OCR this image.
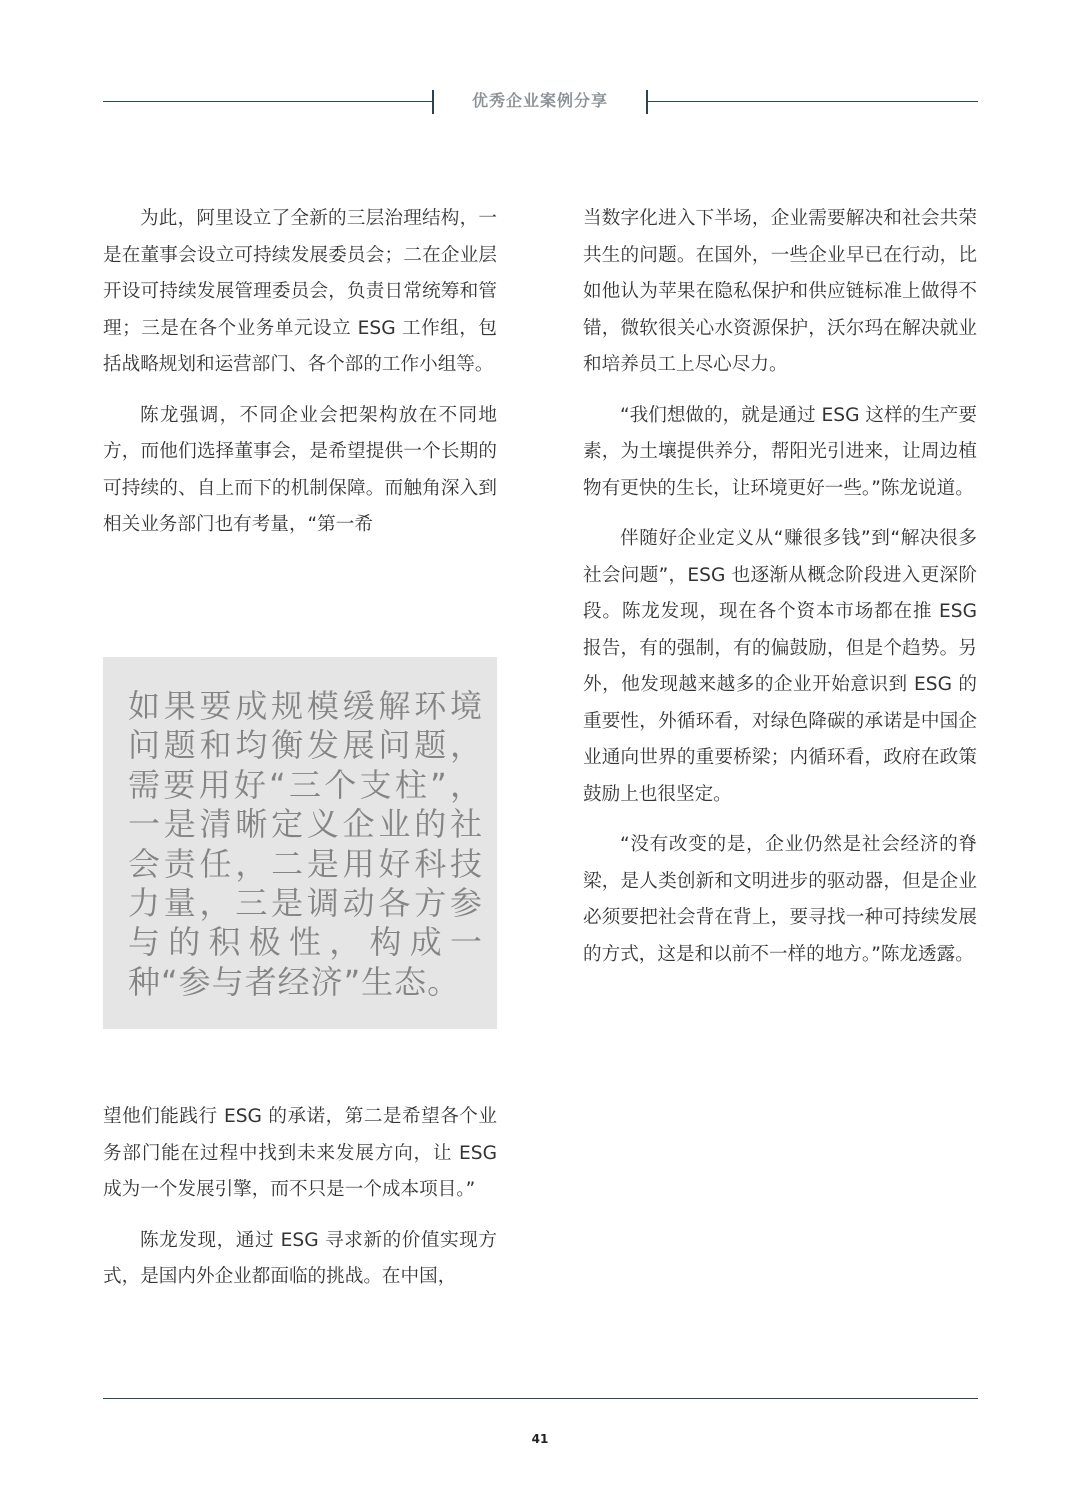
优秀企业案例分享

为此，阿里设立了全新的三层治理结构，一是在董事会设立可持续发展委员会；二在企业层开设可持续发展管理委员会，负责日常统筹和管理；三是在各个业务单元设立 ESG 工作组，包括战略规划和运营部门、各个部的工作小组等。

陈龙强调，不同企业会把架构放在不同地方，而他们选择董事会，是希望提供一个长期的可持续的、自上而下的机制保障。而触角深入到相关业务部门也有考量，“第一希

如果要成规模缓解环境问题和均衡发展问题，需要用好“三个支柱”，一是清晰定义企业的社会责任，二是用好科技力量，三是调动各方参与的积极性，构成一种“参与者经济”生态。

望他们能践行 ESG 的承诺，第二是希望各个业务部门能在过程中找到未来发展方向，让 ESG 成为一个发展引擎，而不只是一个成本项目。”

陈龙发现，通过 ESG 寻求新的价值实现方式，是国内外企业都面临的挑战。在中国，

当数字化进入下半场，企业需要解决和社会共荣共生的问题。在国外，一些企业早已在行动，比如他认为苹果在隐私保护和供应链标准上做得不错，微软很关心水资源保护，沃尔玛在解决就业和培养员工上尽心尽力。

“我们想做的，就是通过 ESG 这样的生产要素，为土壤提供养分，帮阳光引进来，让周边植物有更快的生长，让环境更好一些。”陈龙说道。

伴随好企业定义从“赚很多钱”到“解决很多社会问题”，ESG 也逐渐从概念阶段进入更深阶段。陈龙发现，现在各个资本市场都在推 ESG 报告，有的强制，有的偏鼓励，但是个趋势。另外，他发现越来越多的企业开始意识到 ESG 的重要性，外循环看，对绿色降碳的承诺是中国企业通向世界的重要桥梁；内循环看，政府在政策鼓励上也很坚定。

“没有改变的是，企业仍然是社会经济的脊梁，是人类创新和文明进步的驱动器，但是企业必须要把社会背在背上，要寻找一种可持续发展的方式，这是和以前不一样的地方。”陈龙透露。

41
